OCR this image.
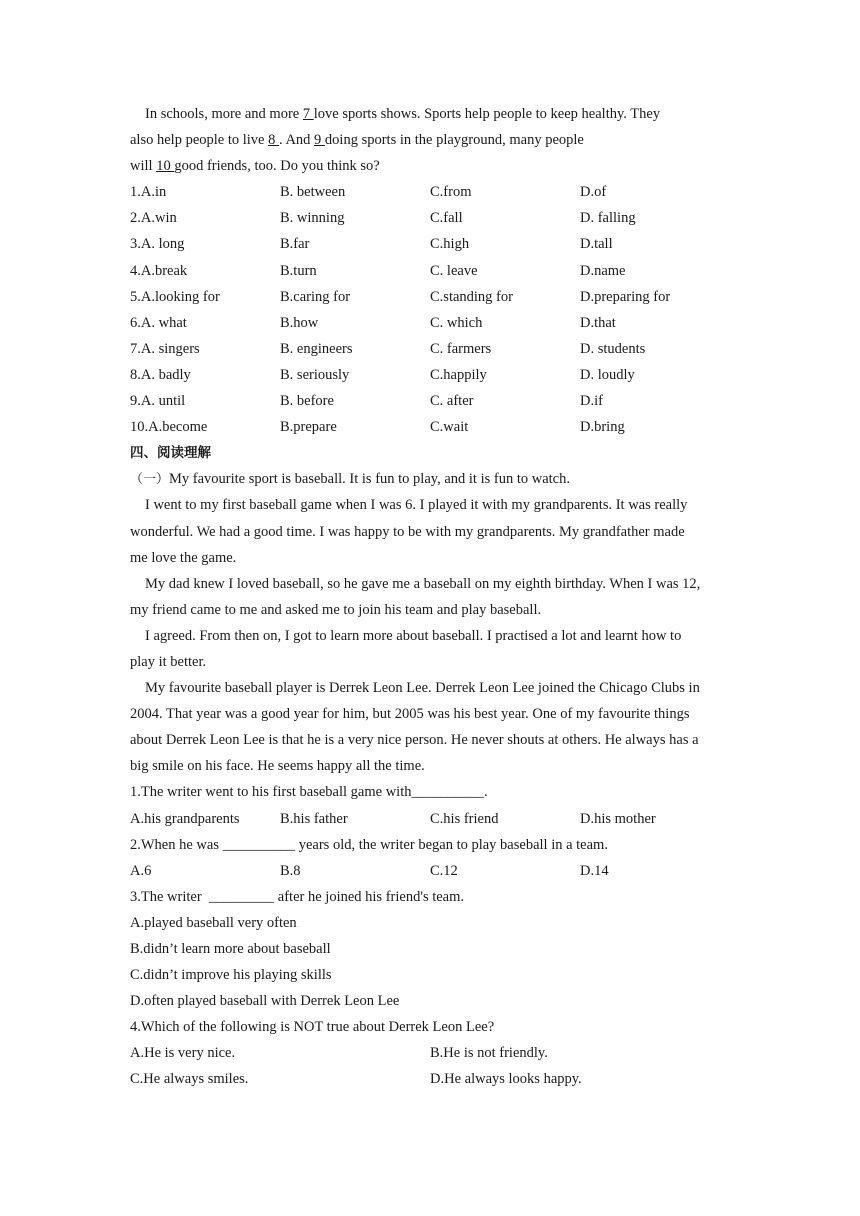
In schools, more and more 7 love sports shows. Sports help people to keep healthy. They
also help people to live 8 . And 9 doing sports in the playground, many people
will 10 good friends, too. Do you think so?
1.A.in	B. between	C.from	D.of
2.A.win	B. winning	C.fall	D. falling
3.A. long	B.far	C.high	D.tall
4.A.break	B.turn	C. leave	D.name
5.A.looking for	B.caring for	C.standing for	D.preparing for
6.A. what	B.how	C. which	D.that
7.A. singers	B. engineers	C. farmers	D. students
8.A. badly	B. seriously	C.happily	D. loudly
9.A. until	B. before	C. after	D.if
10.A.become	B.prepare	C.wait	D.bring
四、阅读理解
（一）My favourite sport is baseball. It is fun to play, and it is fun to watch.
I went to my first baseball game when I was 6. I played it with my grandparents. It was really
wonderful. We had a good time. I was happy to be with my grandparents. My grandfather made
me love the game.
My dad knew I loved baseball, so he gave me a baseball on my eighth birthday. When I was 12,
my friend came to me and asked me to join his team and play baseball.
I agreed. From then on, I got to learn more about baseball. I practised a lot and learnt how to
play it better.
My favourite baseball player is Derrek Leon Lee. Derrek Leon Lee joined the Chicago Clubs in
2004. That year was a good year for him, but 2005 was his best year. One of my favourite things
about Derrek Leon Lee is that he is a very nice person. He never shouts at others. He always has a
big smile on his face. He seems happy all the time.
1.The writer went to his first baseball game with__________.
A.his grandparents	B.his father	C.his friend	D.his mother
2.When he was __________ years old, the writer began to play baseball in a team.
A.6	B.8	C.12	D.14
3.The writer  _________ after he joined his friend's team.
A.played baseball very often
B.didn’t learn more about baseball
C.didn’t improve his playing skills
D.often played baseball with Derrek Leon Lee
4.Which of the following is NOT true about Derrek Leon Lee?
A.He is very nice.	B.He is not friendly.
C.He always smiles.	D.He always looks happy.
